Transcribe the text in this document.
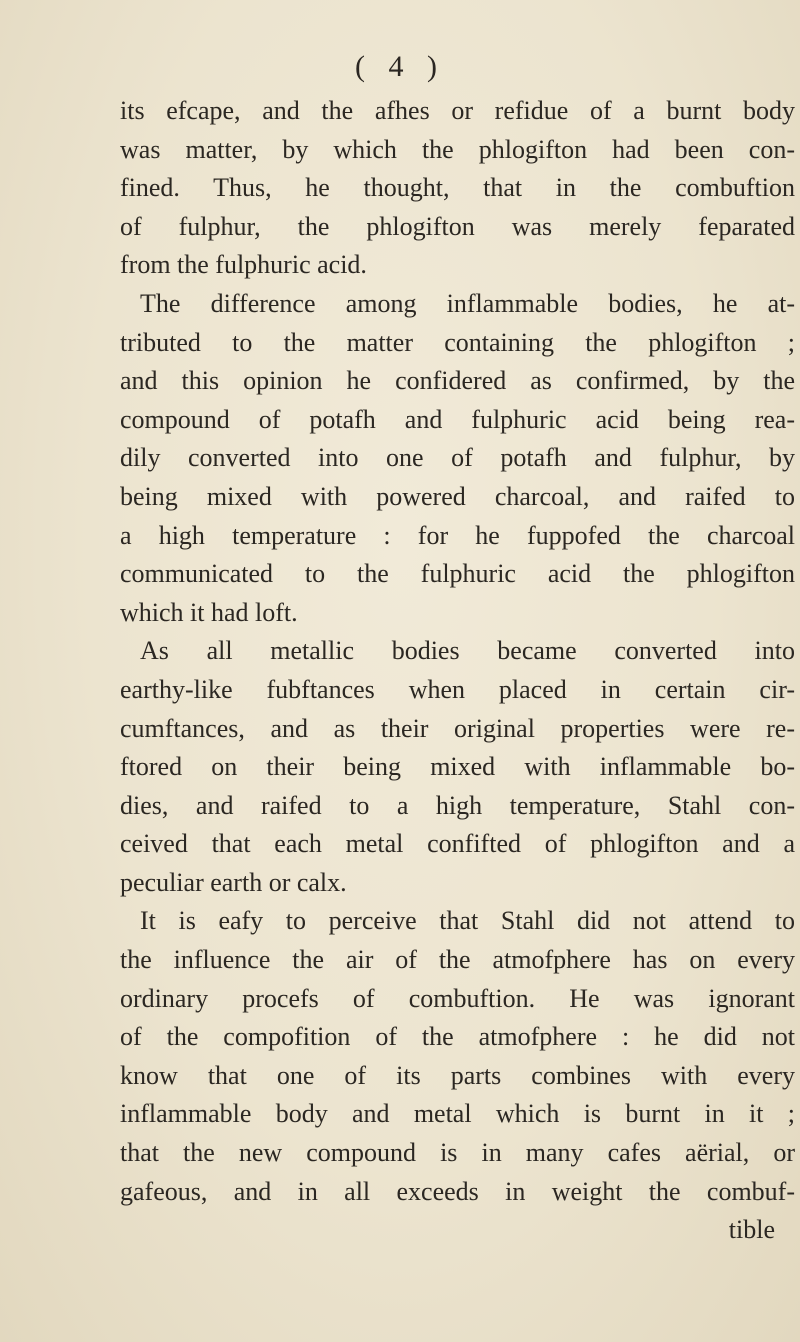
( 4 )
its efcape, and the afhes or refidue of a burnt body
was matter, by which the phlogifton had been con-
fined. Thus, he thought, that in the combuftion
of fulphur, the phlogifton was merely feparated
from the fulphuric acid.
The difference among inflammable bodies, he at-
tributed to the matter containing the phlogifton ;
and this opinion he confidered as confirmed, by the
compound of potafh and fulphuric acid being rea-
dily converted into one of potafh and fulphur, by
being mixed with powered charcoal, and raifed to
a high temperature : for he fuppofed the charcoal
communicated to the fulphuric acid the phlogifton
which it had loft.
As all metallic bodies became converted into
earthy-like fubftances when placed in certain cir-
cumftances, and as their original properties were re-
ftored on their being mixed with inflammable bo-
dies, and raifed to a high temperature, Stahl con-
ceived that each metal confifted of phlogifton and a
peculiar earth or calx.
It is eafy to perceive that Stahl did not attend to
the influence the air of the atmofphere has on every
ordinary procefs of combuftion. He was ignorant
of the compofition of the atmofphere : he did not
know that one of its parts combines with every
inflammable body and metal which is burnt in it ;
that the new compound is in many cafes aërial, or
gafeous, and in all exceeds in weight the combuf-
tible
